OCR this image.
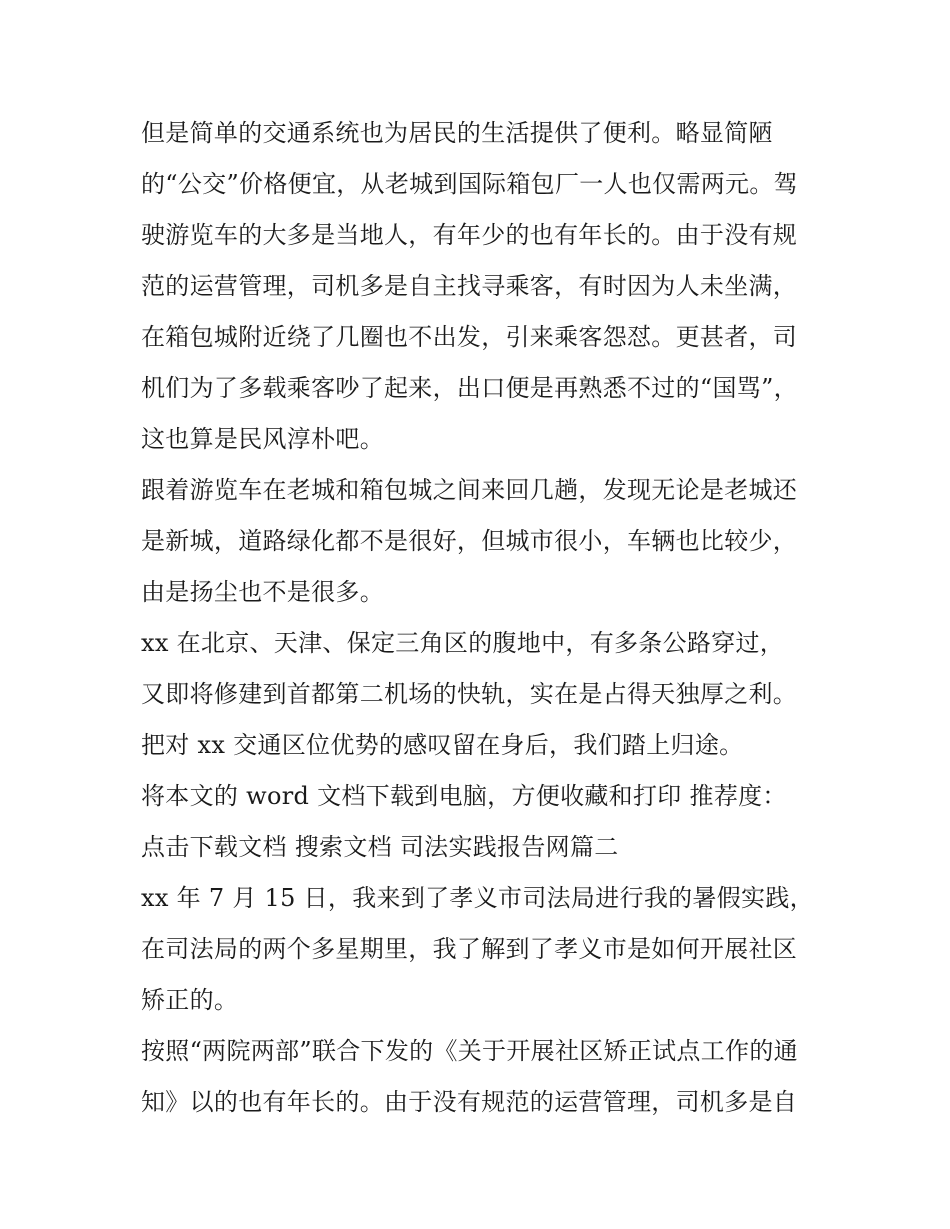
但是简单的交通系统也为居民的生活提供了便利。略显简陋
的“公交”价格便宜，从老城到国际箱包厂一人也仅需两元。驾
驶游览车的大多是当地人，有年少的也有年长的。由于没有规
范的运营管理，司机多是自主找寻乘客，有时因为人未坐满，
在箱包城附近绕了几圈也不出发，引来乘客怨怼。更甚者，司
机们为了多载乘客吵了起来，出口便是再熟悉不过的“国骂”，
这也算是民风淳朴吧。
跟着游览车在老城和箱包城之间来回几趟，发现无论是老城还
是新城，道路绿化都不是很好，但城市很小，车辆也比较少，
由是扬尘也不是很多。
xx 在北京、天津、保定三角区的腹地中，有多条公路穿过，
又即将修建到首都第二机场的快轨，实在是占得天独厚之利。
把对 xx 交通区位优势的感叹留在身后，我们踏上归途。
将本文的 word 文档下载到电脑，方便收藏和打印 推荐度：
点击下载文档 搜索文档 司法实践报告网篇二
xx 年 7 月 15 日，我来到了孝义市司法局进行我的暑假实践，
在司法局的两个多星期里，我了解到了孝义市是如何开展社区
矫正的。
按照“两院两部”联合下发的《关于开展社区矫正试点工作的通
知》以的也有年长的。由于没有规范的运营管理，司机多是自
